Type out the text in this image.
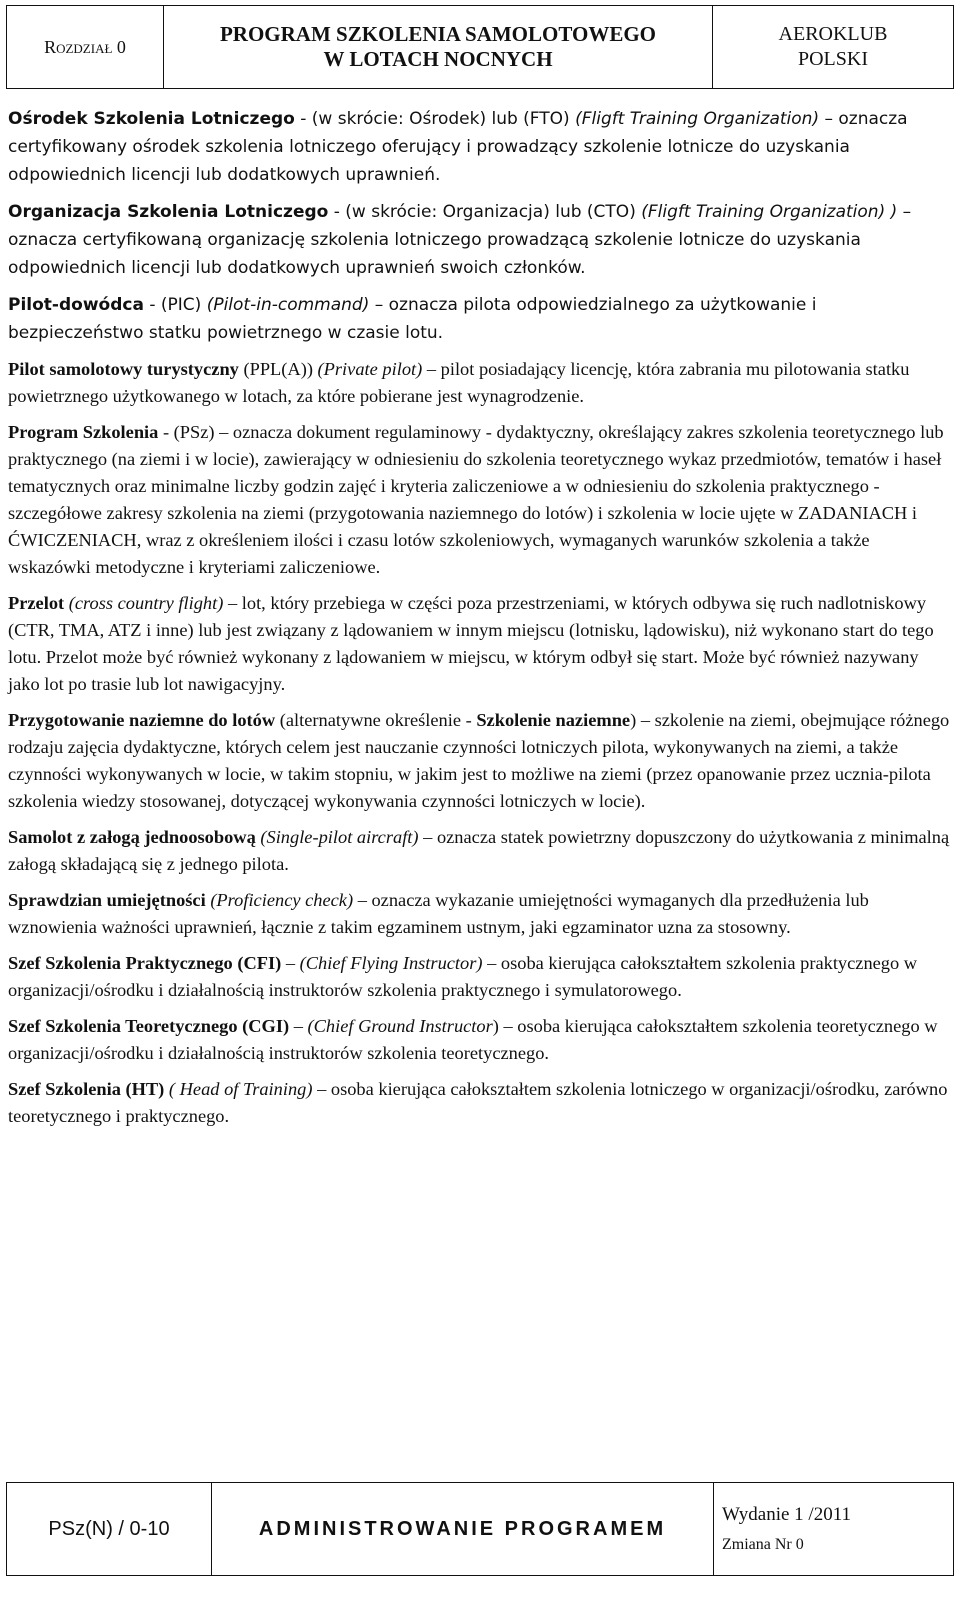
Rozdział 0
PROGRAM SZKOLENIA SAMOLOTOWEGO
W LOTACH NOCNYCH
AEROKLUB
POLSKI

Ośrodek Szkolenia Lotniczego - (w skrócie: Ośrodek) lub (FTO) (Fligft Training Organization) – oznacza certyfikowany ośrodek szkolenia lotniczego oferujący i prowadzący szkolenie lotnicze do uzyskania odpowiednich licencji lub dodatkowych uprawnień.

Organizacja Szkolenia Lotniczego - (w skrócie: Organizacja) lub (CTO) (Fligft Training Organization) ) – oznacza certyfikowaną organizację szkolenia lotniczego prowadzącą szkolenie lotnicze do uzyskania odpowiednich licencji lub dodatkowych uprawnień swoich członków.

Pilot-dowódca - (PIC) (Pilot-in-command) – oznacza pilota odpowiedzialnego za użytkowanie i bezpieczeństwo statku powietrznego w czasie lotu.

Pilot samolotowy turystyczny (PPL(A)) (Private pilot) – pilot posiadający licencję, która zabrania mu pilotowania statku powietrznego użytkowanego w lotach, za które pobierane jest wynagrodzenie.

Program Szkolenia - (PSz) – oznacza dokument regulaminowy - dydaktyczny, określający zakres szkolenia teoretycznego lub praktycznego (na ziemi i w locie), zawierający w odniesieniu do szkolenia teoretycznego wykaz przedmiotów, tematów i haseł tematycznych oraz minimalne liczby godzin zajęć i kryteria zaliczeniowe a w odniesieniu do szkolenia praktycznego - szczegółowe zakresy szkolenia na ziemi (przygotowania naziemnego do lotów) i szkolenia w locie ujęte w ZADANIACH i ĆWICZENIACH, wraz z określeniem ilości i czasu lotów szkoleniowych, wymaganych warunków szkolenia a także wskazówki metodyczne i kryteriami zaliczeniowe.

Przelot (cross country flight) – lot, który przebiega w części poza przestrzeniami, w których odbywa się ruch nadlotniskowy (CTR, TMA, ATZ i inne) lub jest związany z lądowaniem w innym miejscu (lotnisku, lądowisku), niż wykonano start do tego lotu. Przelot może być również wykonany z lądowaniem w miejscu, w którym odbył się start. Może być również nazywany jako lot po trasie lub lot nawigacyjny.

Przygotowanie naziemne do lotów (alternatywne określenie - Szkolenie naziemne) – szkolenie na ziemi, obejmujące różnego rodzaju zajęcia dydaktyczne, których celem jest nauczanie czynności lotniczych pilota, wykonywanych na ziemi, a także czynności wykonywanych w locie, w takim stopniu, w jakim jest to możliwe na ziemi (przez opanowanie przez ucznia-pilota szkolenia wiedzy stosowanej, dotyczącej wykonywania czynności lotniczych w locie).

Samolot z załogą jednoosobową (Single-pilot aircraft) – oznacza statek powietrzny dopuszczony do użytkowania z minimalną załogą składającą się z jednego pilota.

Sprawdzian umiejętności (Proficiency check) – oznacza wykazanie umiejętności wymaganych dla przedłużenia lub wznowienia ważności uprawnień, łącznie z takim egzaminem ustnym, jaki egzaminator uzna za stosowny.

Szef Szkolenia Praktycznego (CFI) – (Chief Flying Instructor) – osoba kierująca całokształtem szkolenia praktycznego w organizacji/ośrodku i działalnością instruktorów szkolenia praktycznego i symulatorowego.

Szef Szkolenia Teoretycznego (CGI) – (Chief Ground Instructor) – osoba kierująca całokształtem szkolenia teoretycznego w organizacji/ośrodku i działalnością instruktorów szkolenia teoretycznego.

Szef Szkolenia (HT) ( Head of Training) – osoba kierująca całokształtem szkolenia lotniczego w organizacji/ośrodku, zarówno teoretycznego i praktycznego.

PSz(N) / 0-10	ADMINISTROWANIE PROGRAMEM
Wydanie 1 /2011
Zmiana Nr 0
